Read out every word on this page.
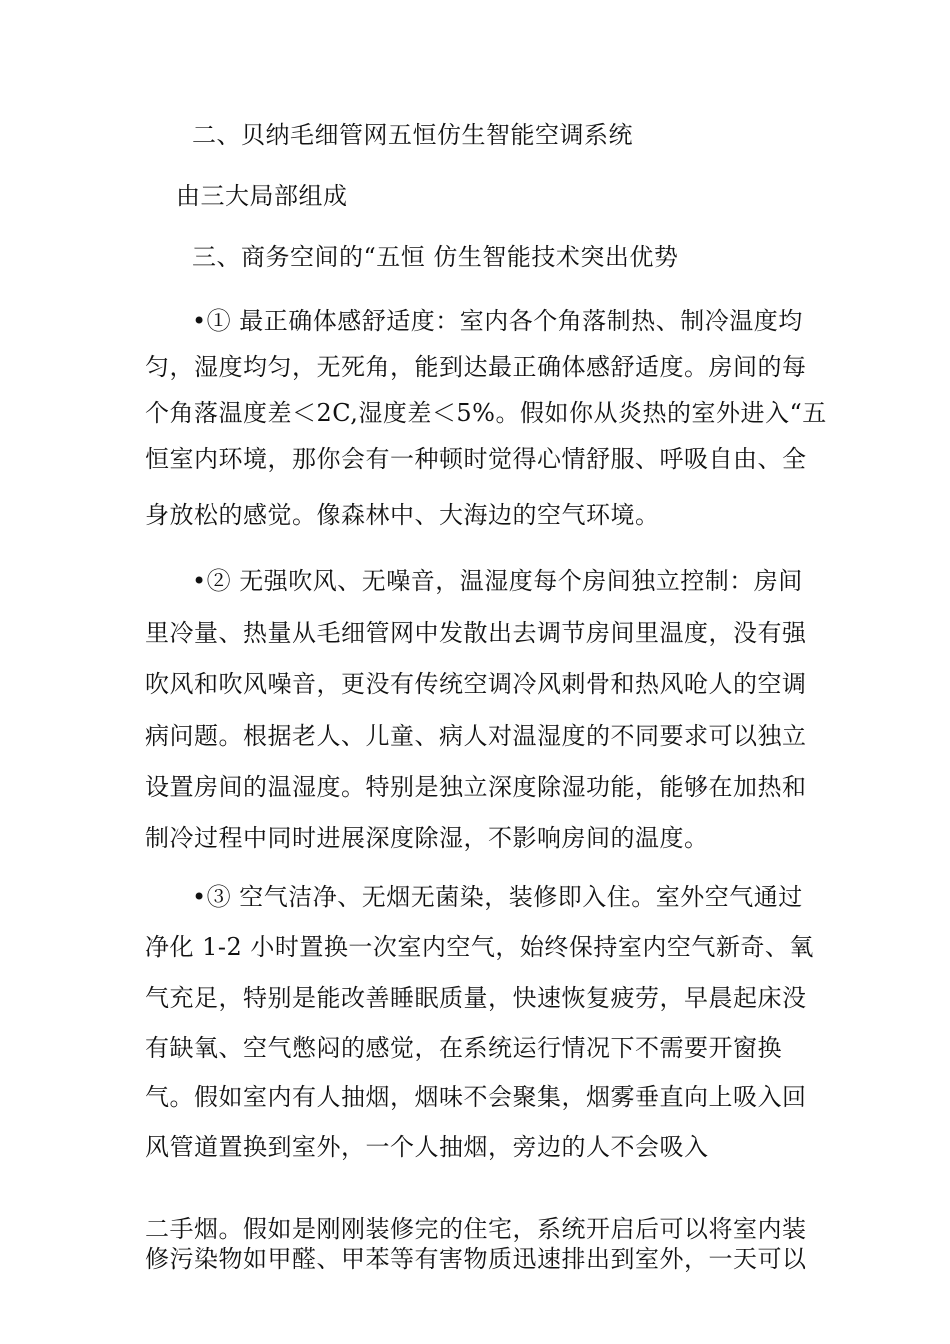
二、贝纳毛细管网五恒仿生智能空调系统
由三大局部组成
三、商务空间的“五恒 仿生智能技术突出优势
•① 最正确体感舒适度：室内各个角落制热、制冷温度均
匀，湿度均匀，无死角，能到达最正确体感舒适度。房间的每
个角落温度差＜2C,湿度差＜5%。假如你从炎热的室外进入“五
恒室内环境，那你会有一种顿时觉得心情舒服、呼吸自由、全
身放松的感觉。像森林中、大海边的空气环境。
•② 无强吹风、无噪音，温湿度每个房间独立控制：房间
里冷量、热量从毛细管网中发散出去调节房间里温度，没有强
吹风和吹风噪音，更没有传统空调冷风刺骨和热风呛人的空调
病问题。根据老人、儿童、病人对温湿度的不同要求可以独立
设置房间的温湿度。特别是独立深度除湿功能，能够在加热和
制冷过程中同时进展深度除湿，不影响房间的温度。
•③ 空气洁净、无烟无菌染，装修即入住。室外空气通过
净化 1-2 小时置换一次室内空气，始终保持室内空气新奇、氧
气充足，特别是能改善睡眠质量，快速恢复疲劳，早晨起床没
有缺氧、空气憋闷的感觉，在系统运行情况下不需要开窗换
气。假如室内有人抽烟，烟味不会聚集，烟雾垂直向上吸入回
风管道置换到室外，一个人抽烟，旁边的人不会吸入
二手烟。假如是刚刚装修完的住宅，系统开启后可以将室内装
修污染物如甲醛、甲苯等有害物质迅速排出到室外，一天可以
